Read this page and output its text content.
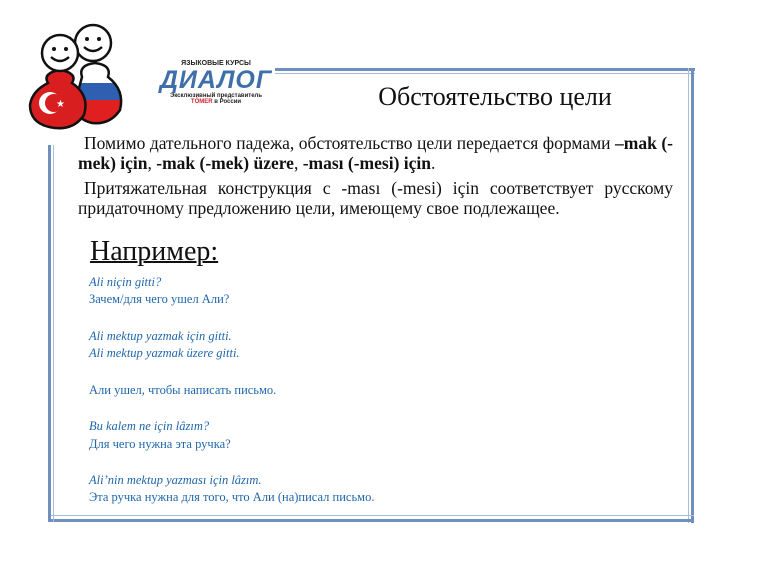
★
ЯЗЫКОВЫЕ КУРСЫ
ДИАЛОГ
Эксклюзивный представитель
TÖMER в России	Обстоятельство цели
Помимо дательного падежа, обстоятельство цели передается формами –mak (-mek) için, -mak (-mek) üzere, -ması (-mesi) için.
Притяжательная конструкция с -ması (-mesi) için соответствует русскому придаточному предложению цели, имеющему свое подлежащее.
Например:
Ali niçin gitti?
Зачем/для чего ушел Али?
Ali mektup yazmak için gitti.
Ali mektup yazmak üzere gitti.
Али ушел, чтобы написать письмо.
Bu kalem ne için lâzım?
Для чего нужна эта ручка?
Ali’nin mektup yazması için lâzım.
Эта ручка нужна для того, что Али (на)писал письмо.
